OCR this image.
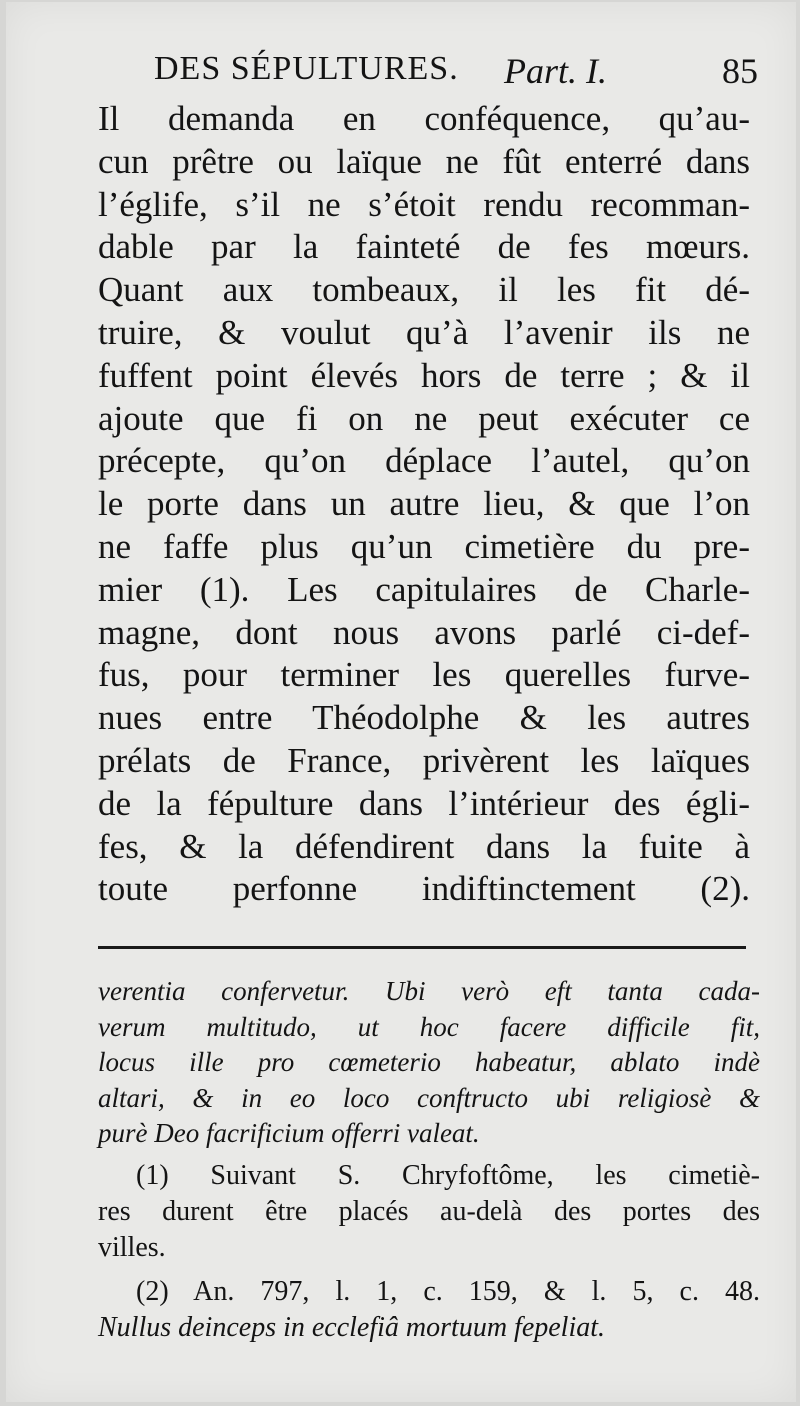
DES SÉPULTURES. Part. I.	85
Il demanda en conféquence, qu’au-
cun prêtre ou laïque ne fût enterré dans
l’églife, s’il ne s’étoit rendu recomman-
dable par la fainteté de fes mœurs.
Quant aux tombeaux, il les fit dé-
truire, & voulut qu’à l’avenir ils ne
fuffent point élevés hors de terre ; & il
ajoute que fi on ne peut exécuter ce
précepte, qu’on déplace l’autel, qu’on
le porte dans un autre lieu, & que l’on
ne faffe plus qu’un cimetière du pre-
mier (1). Les capitulaires de Charle-
magne, dont nous avons parlé ci-def-
fus, pour terminer les querelles furve-
nues entre Théodolphe & les autres
prélats de France, privèrent les laïques
de la fépulture dans l’intérieur des égli-
fes, & la défendirent dans la fuite à
toute perfonne indiftinctement (2).
verentia confervetur. Ubi verò eft tanta cada-
verum multitudo, ut hoc facere difficile fit,
locus ille pro cœmeterio habeatur, ablato indè
altari, & in eo loco conftructo ubi religiosè &
purè Deo facrificium offerri valeat.
(1) Suivant S. Chryfoftôme, les cimetiè-
res durent être placés au-delà des portes des
villes.
(2) An. 797, l. 1, c. 159, & l. 5, c. 48.
Nullus deinceps in ecclefiâ mortuum fepeliat.
